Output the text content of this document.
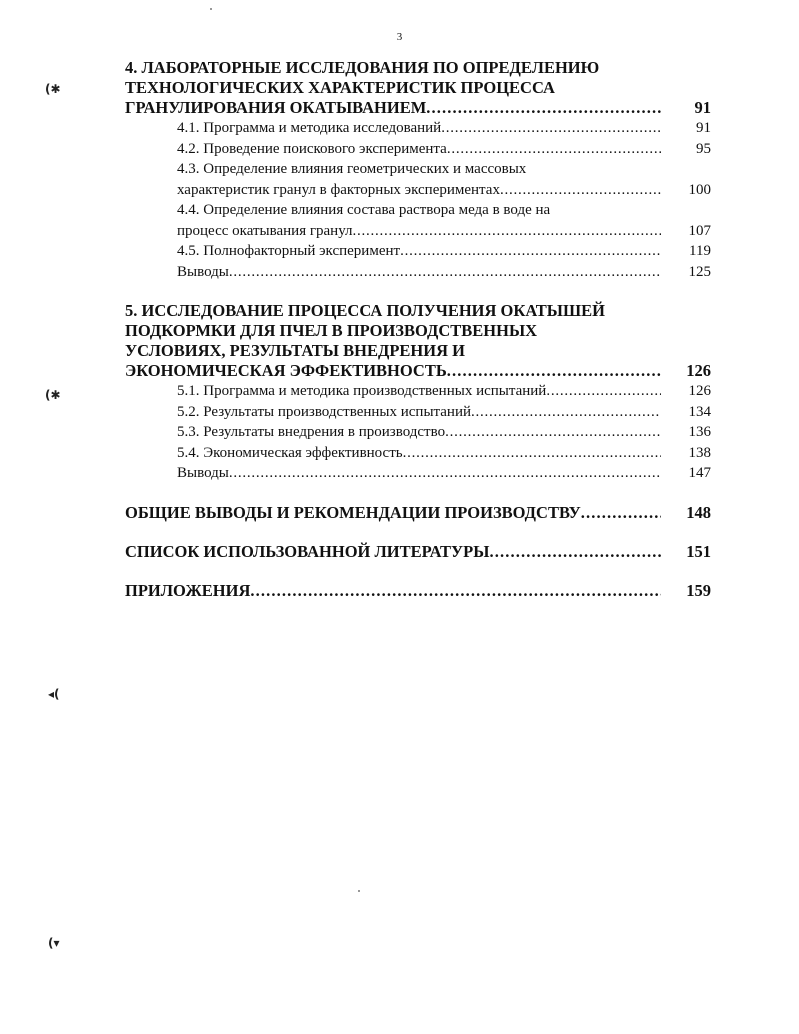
3
4. ЛАБОРАТОРНЫЕ ИССЛЕДОВАНИЯ ПО ОПРЕДЕЛЕНИЮ
ТЕХНОЛОГИЧЕСКИХ ХАРАКТЕРИСТИК ПРОЦЕССА
ГРАНУЛИРОВАНИЯ ОКАТЫВАНИЕМ . . .	91
4.1. Программа и методика исследований . . .	91
4.2. Проведение поискового эксперимента . . .	95
4.3. Определение влияния геометрических и массовых
характеристик гранул в факторных экспериментах . . .	100
4.4. Определение влияния состава раствора меда в воде на
процесс окатывания гранул . . .	107
4.5. Полнофакторный эксперимент . . .	119
Выводы . . .	125
5. ИССЛЕДОВАНИЕ ПРОЦЕССА ПОЛУЧЕНИЯ ОКАТЫШЕЙ
ПОДКОРМКИ ДЛЯ ПЧЕЛ В ПРОИЗВОДСТВЕННЫХ
УСЛОВИЯХ, РЕЗУЛЬТАТЫ ВНЕДРЕНИЯ И
ЭКОНОМИЧЕСКАЯ ЭФФЕКТИВНОСТЬ . . .	126
5.1. Программа и методика производственных испытаний . . .	126
5.2. Результаты производственных испытаний . . .	134
5.3. Результаты внедрения в производство . . .	136
5.4. Экономическая эффективность . . .	138
Выводы . . .	147
ОБЩИЕ ВЫВОДЫ И РЕКОМЕНДАЦИИ ПРОИЗВОДСТВУ . . .	148
СПИСОК ИСПОЛЬЗОВАННОЙ ЛИТЕРАТУРЫ . . .	151
ПРИЛОЖЕНИЯ . . .	159
(✱
(✱
◂(
(▾
